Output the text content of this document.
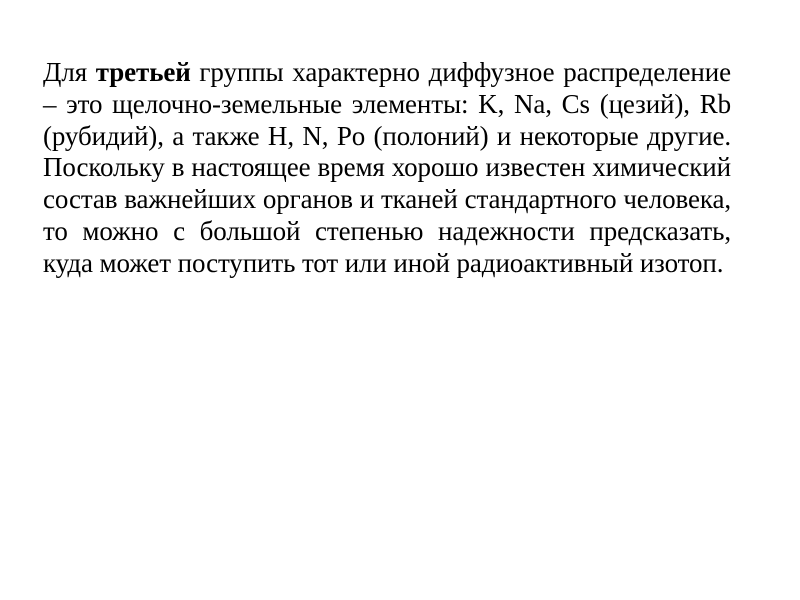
Для третьей группы характерно диффузное распределение – это щелочно-земельные элементы: K, Na, Cs (цезий), Rb (рубидий), а также H, N, Po (полоний) и некоторые другие. Поскольку в настоящее время хорошо известен химический состав важнейших органов и тканей стандартного человека, то можно с большой степенью надежности предсказать, куда может поступить тот или иной радиоактивный изотоп.
